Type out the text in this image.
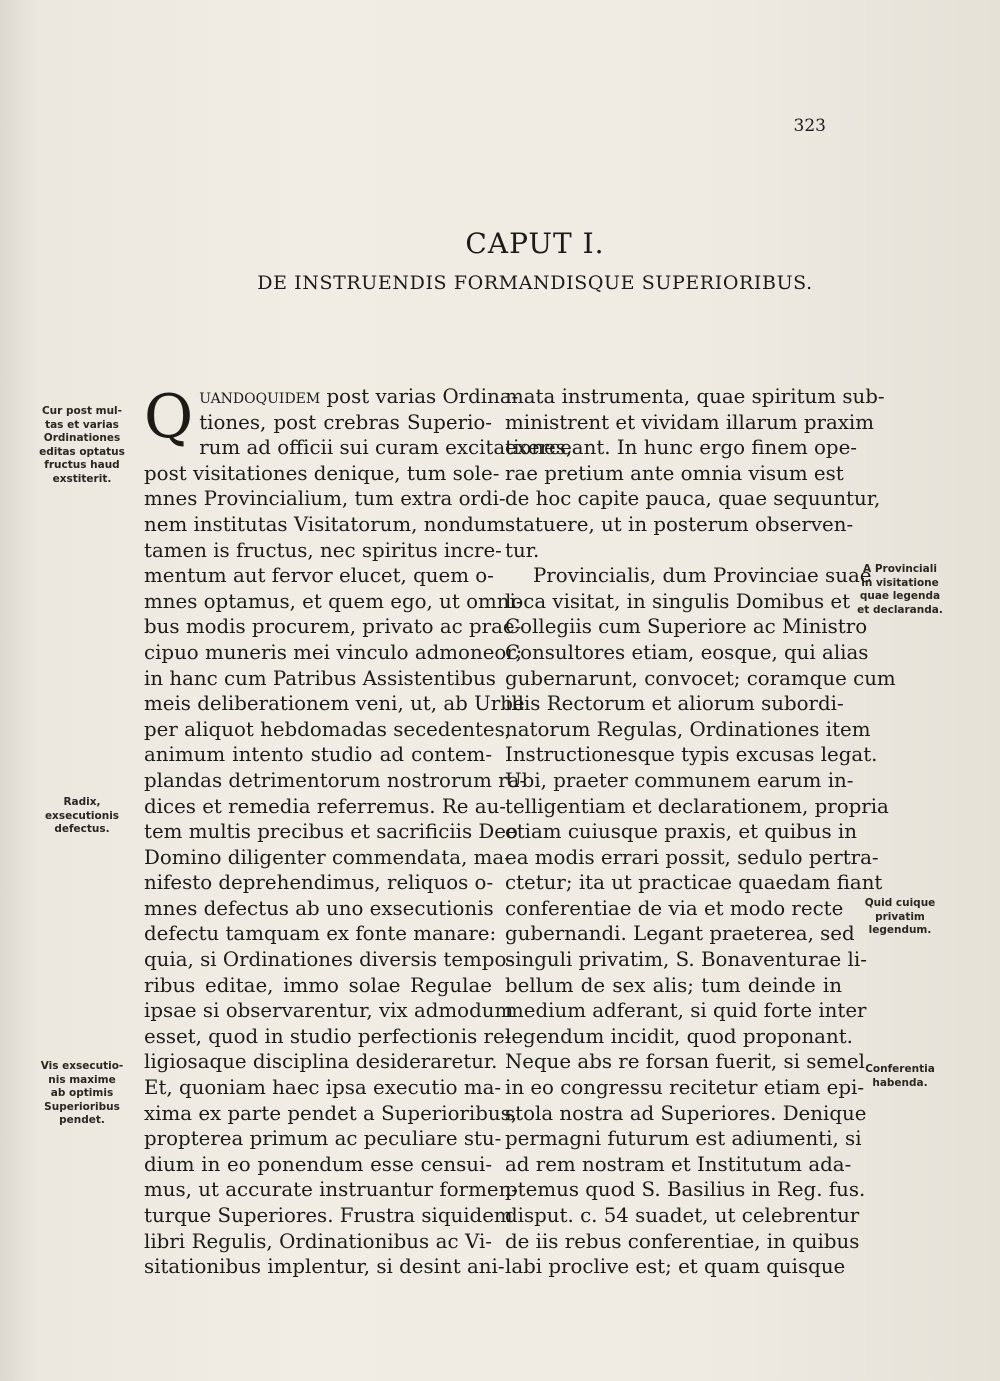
323
CAPUT I.
DE INSTRUENDIS FORMANDISQUE SUPERIORIBUS.
Cur post mul-
tas et varias
Ordinationes
editas optatus
fructus haud
exstiterit.
Radix,
exsecutionis
defectus.
Vis exsecutio-
nis maxime
ab optimis
Superioribus
pendet.
A Provinciali
in visitatione
quae legenda
et declaranda.
Quid cuique
privatim
legendum.
Conferentia
habenda.
Q uandoquidem post varias Ordina-
tiones, post crebras Superio-
rum ad officii sui curam excitationes,
post visitationes denique, tum sole-
mnes Provincialium, tum extra ordi-
nem institutas Visitatorum, nondum
tamen is fructus, nec spiritus incre-
mentum aut fervor elucet, quem o-
mnes optamus, et quem ego, ut omni-
bus modis procurem, privato ac prae-
cipuo muneris mei vinculo admoneor;
in hanc cum Patribus Assistentibus
meis deliberationem veni, ut, ab Urbe
per aliquot hebdomadas secedentes,
animum intento studio ad contem-
plandas detrimentorum nostrorum ra-
dices et remedia referremus. Re au-
tem multis precibus et sacrificiis Deo
Domino diligenter commendata, ma-
nifesto deprehendimus, reliquos o-
mnes defectus ab uno exsecutionis
defectu tamquam ex fonte manare:
quia, si Ordinationes diversis tempo-
ribus editae, immo solae Regulae
ipsae si observarentur, vix admodum
esset, quod in studio perfectionis re-
ligiosaque disciplina desideraretur.
Et, quoniam haec ipsa executio ma-
xima ex parte pendet a Superioribus,
propterea primum ac peculiare stu-
dium in eo ponendum esse censui-
mus, ut accurate instruantur formen-
turque Superiores. Frustra siquidem
libri Regulis, Ordinationibus ac Vi-
sitationibus implentur, si desint ani-
mata instrumenta, quae spiritum sub-
ministrent et vividam illarum praxim
exerceant. In hunc ergo finem ope-
rae pretium ante omnia visum est
de hoc capite pauca, quae sequuntur,
statuere, ut in posterum observen-
tur.
Provincialis, dum Provinciae suae
loca visitat, in singulis Domibus et
Collegiis cum Superiore ac Ministro
Consultores etiam, eosque, qui alias
gubernarunt, convocet; coramque cum
illis Rectorum et aliorum subordi-
natorum Regulas, Ordinationes item
Instructionesque typis excusas legat.
Ubi, praeter communem earum in-
telligentiam et declarationem, propria
etiam cuiusque praxis, et quibus in
ea modis errari possit, sedulo pertra-
ctetur; ita ut practicae quaedam fiant
conferentiae de via et modo recte
gubernandi. Legant praeterea, sed
singuli privatim, S. Bonaventurae li-
bellum de sex alis; tum deinde in
medium adferant, si quid forte inter
legendum incidit, quod proponant.
Neque abs re forsan fuerit, si semel
in eo congressu recitetur etiam epi-
stola nostra ad Superiores. Denique
permagni futurum est adiumenti, si
ad rem nostram et Institutum ada-
ptemus quod S. Basilius in Reg. fus.
disput. c. 54 suadet, ut celebrentur
de iis rebus conferentiae, in quibus
labi proclive est; et quam quisque
